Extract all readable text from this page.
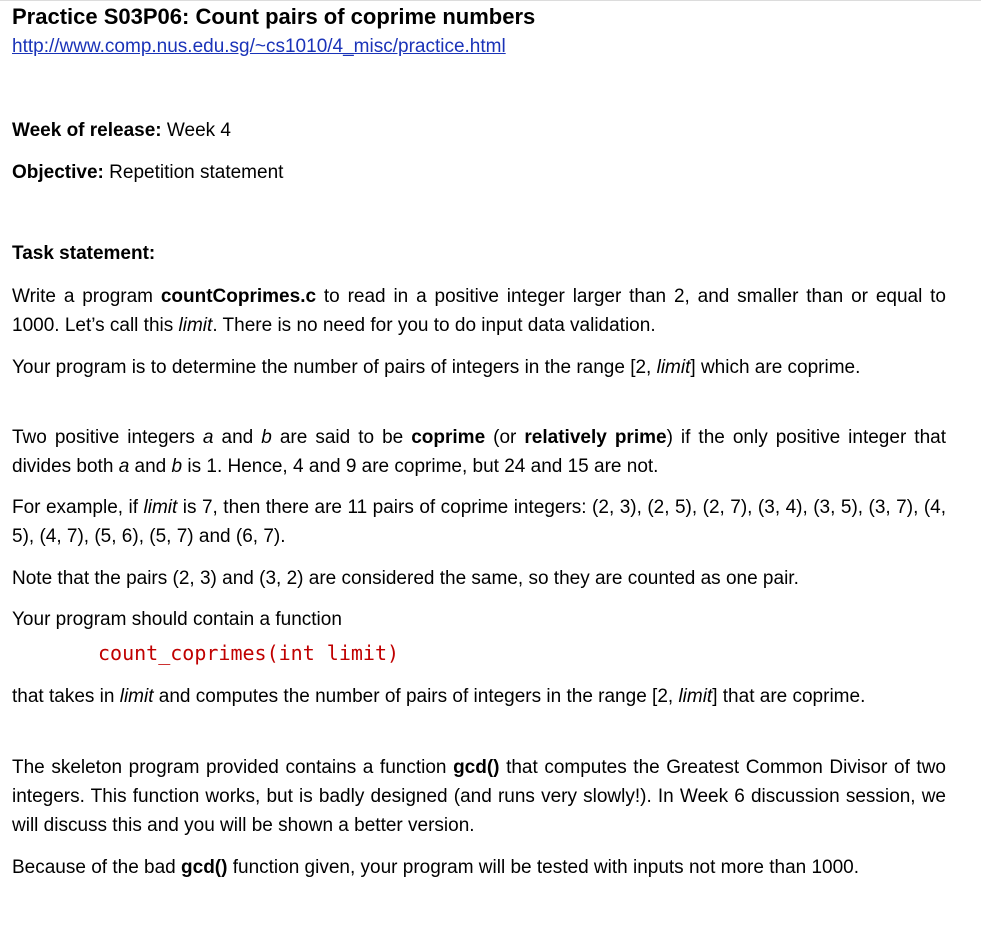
Practice S03P06: Count pairs of coprime numbers
http://www.comp.nus.edu.sg/~cs1010/4_misc/practice.html
Week of release: Week 4
Objective: Repetition statement
Task statement:

Write a program countCoprimes.c to read in a positive integer larger than 2, and smaller than or equal to 1000. Let’s call this limit. There is no need for you to do input data validation.

Your program is to determine the number of pairs of integers in the range [2, limit] which are coprime.

Two positive integers a and b are said to be coprime (or relatively prime) if the only positive integer that divides both a and b is 1. Hence, 4 and 9 are coprime, but 24 and 15 are not.

For example, if limit is 7, then there are 11 pairs of coprime integers: (2, 3), (2, 5), (2, 7), (3, 4), (3, 5), (3, 7), (4, 5), (4, 7), (5, 6), (5, 7) and (6, 7).

Note that the pairs (2, 3) and (3, 2) are considered the same, so they are counted as one pair.

Your program should contain a function

count_coprimes(int limit)

that takes in limit and computes the number of pairs of integers in the range [2, limit] that are coprime.

The skeleton program provided contains a function gcd() that computes the Greatest Common Divisor of two integers. This function works, but is badly designed (and runs very slowly!). In Week 6 discussion session, we will discuss this and you will be shown a better version.

Because of the bad gcd() function given, your program will be tested with inputs not more than 1000.
